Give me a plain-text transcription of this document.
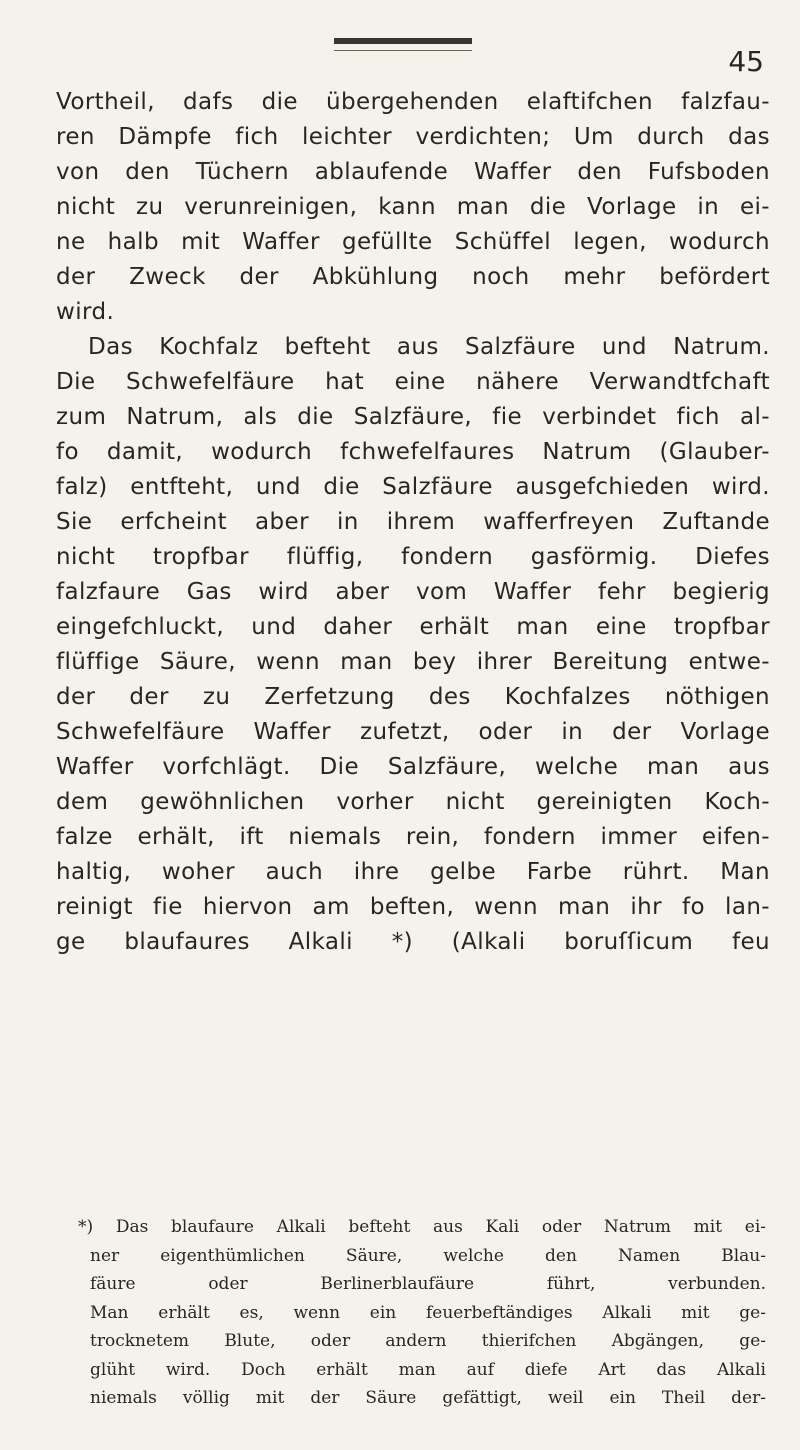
45
Vortheil, dafs die übergehenden elaftifchen falzfau-
ren Dämpfe fich leichter verdichten; Um durch das
von den Tüchern ablaufende Waffer den Fufsboden
nicht zu verunreinigen, kann man die Vorlage in ei-
ne halb mit Waffer gefüllte Schüffel legen, wodurch
der Zweck der Abkühlung noch mehr befördert
wird.
Das Kochfalz befteht aus Salzfäure und Natrum.
Die Schwefelfäure hat eine nähere Verwandtfchaft
zum Natrum, als die Salzfäure, fie verbindet fich al-
fo damit, wodurch fchwefelfaures Natrum (Glauber-
falz) entfteht, und die Salzfäure ausgefchieden wird.
Sie erfcheint aber in ihrem wafferfreyen Zuftande
nicht tropfbar flüffig, fondern gasförmig. Diefes
falzfaure Gas wird aber vom Waffer fehr begierig
eingefchluckt, und daher erhält man eine tropfbar
flüffige Säure, wenn man bey ihrer Bereitung entwe-
der der zu Zerfetzung des Kochfalzes nöthigen
Schwefelfäure Waffer zufetzt, oder in der Vorlage
Waffer vorfchlägt. Die Salzfäure, welche man aus
dem gewöhnlichen vorher nicht gereinigten Koch-
falze erhält, ift niemals rein, fondern immer eifen-
haltig, woher auch ihre gelbe Farbe rührt. Man
reinigt fie hiervon am beften, wenn man ihr fo lan-
ge blaufaures Alkali *) (Alkali boruſſicum feu
*) Das blaufaure Alkali befteht aus Kali oder Natrum mit ei-
ner eigenthümlichen Säure, welche den Namen Blau-
fäure oder Berlinerblaufäure führt, verbunden.
Man erhält es, wenn ein feuerbeftändiges Alkali mit ge-
trocknetem Blute, oder andern thierifchen Abgängen, ge-
glüht wird. Doch erhält man auf diefe Art das Alkali
niemals völlig mit der Säure gefättigt, weil ein Theil der-
